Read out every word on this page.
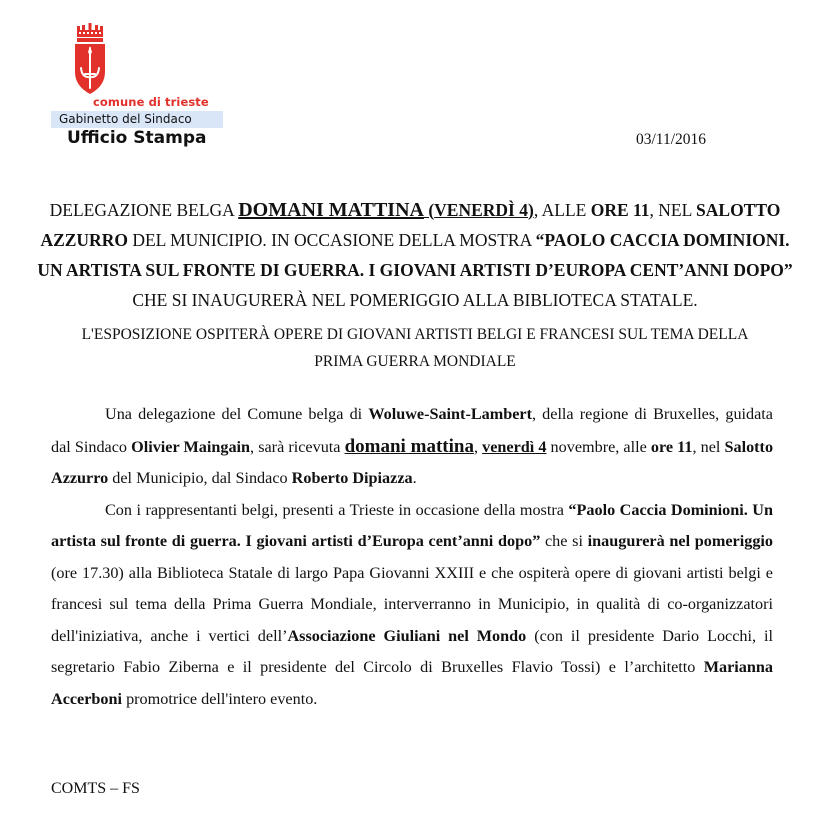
comune di trieste
Gabinetto del Sindaco
Ufficio Stampa	03/11/2016
DELEGAZIONE BELGA DOMANI MATTINA (VENERDÌ 4), ALLE ORE 11, NEL SALOTTO AZZURRO DEL MUNICIPIO. IN OCCASIONE DELLA MOSTRA “PAOLO CACCIA DOMINIONI. UN ARTISTA SUL FRONTE DI GUERRA. I GIOVANI ARTISTI D’EUROPA CENT’ANNI DOPO” CHE SI INAUGURERÀ NEL POMERIGGIO ALLA BIBLIOTECA STATALE.
L'ESPOSIZIONE OSPITERÀ OPERE DI GIOVANI ARTISTI BELGI E FRANCESI SUL TEMA DELLA
PRIMA GUERRA MONDIALE

Una delegazione del Comune belga di Woluwe-Saint-Lambert, della regione di Bruxelles, guidata dal Sindaco Olivier Maingain, sarà ricevuta domani mattina, venerdì 4 novembre, alle ore 11, nel Salotto Azzurro del Municipio, dal Sindaco Roberto Dipiazza.

Con i rappresentanti belgi, presenti a Trieste in occasione della mostra “Paolo Caccia Dominioni. Un artista sul fronte di guerra. I giovani artisti d’Europa cent’anni dopo” che si inaugurerà nel pomeriggio (ore 17.30) alla Biblioteca Statale di largo Papa Giovanni XXIII e che ospiterà opere di giovani artisti belgi e francesi sul tema della Prima Guerra Mondiale, interverranno in Municipio, in qualità di co-organizzatori dell'iniziativa, anche i vertici dell’Associazione Giuliani nel Mondo (con il presidente Dario Locchi, il segretario Fabio Ziberna e il presidente del Circolo di Bruxelles Flavio Tossi) e l’architetto Marianna Accerboni promotrice dell'intero evento.

COMTS – FS
